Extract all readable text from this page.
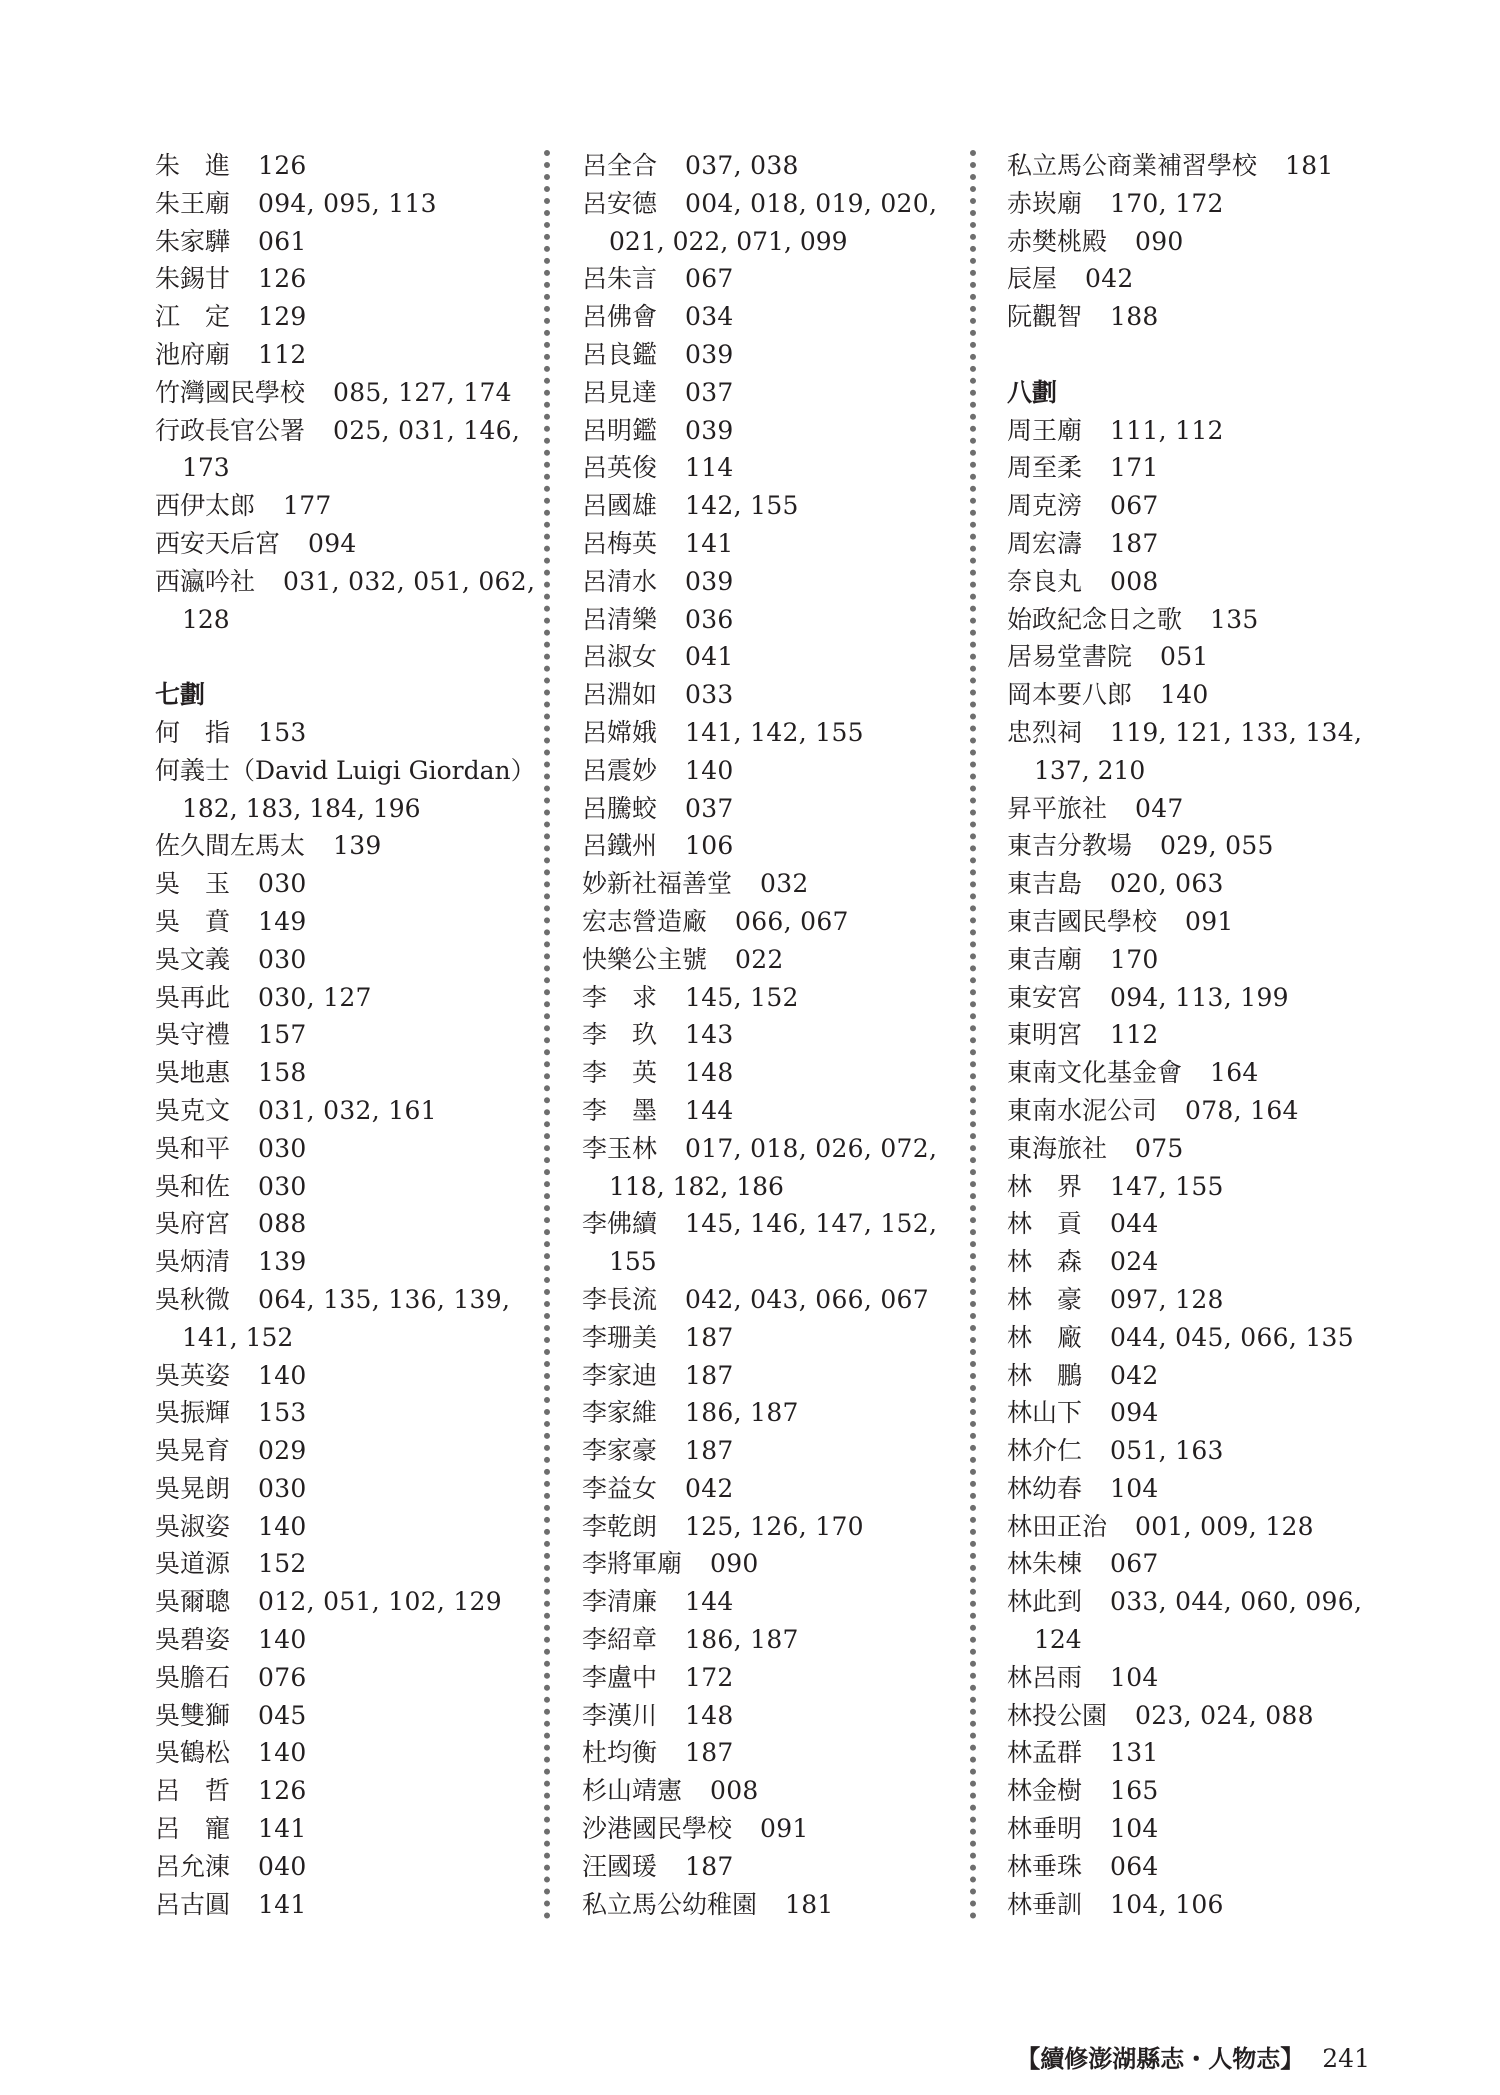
朱　進 126
朱王廟 094, 095, 113
朱家驊 061
朱錫甘 126
江　定 129
池府廟 112
竹灣國民學校 085, 127, 174
行政長官公署 025, 031, 146,
173
西伊太郎 177
西安天后宮 094
西瀛吟社 031, 032, 051, 062,
128
七劃
何　指 153
何義士（David Luigi Giordan）
182, 183, 184, 196
佐久間左馬太 139
吳　玉 030
吳　賁 149
吳文義 030
吳再此 030, 127
吳守禮 157
吳地惠 158
吳克文 031, 032, 161
吳和平 030
吳和佐 030
吳府宮 088
吳炳清 139
吳秋微 064, 135, 136, 139,
141, 152
吳英姿 140
吳振輝 153
吳晃育 029
吳晃朗 030
吳淑姿 140
吳道源 152
吳爾聰 012, 051, 102, 129
吳碧姿 140
吳膽石 076
吳雙獅 045
吳鶴松 140
呂　哲 126
呂　寵 141
呂允涷 040
呂古圓 141
呂全合 037, 038
呂安德 004, 018, 019, 020,
021, 022, 071, 099
呂朱言 067
呂佛會 034
呂良鑑 039
呂見達 037
呂明鑑 039
呂英俊 114
呂國雄 142, 155
呂梅英 141
呂清水 039
呂清樂 036
呂淑女 041
呂淵如 033
呂嫦娥 141, 142, 155
呂震妙 140
呂騰蛟 037
呂鐵州 106
妙新社福善堂 032
宏志營造廠 066, 067
快樂公主號 022
李　求 145, 152
李　玖 143
李　英 148
李　墨 144
李玉林 017, 018, 026, 072,
118, 182, 186
李佛續 145, 146, 147, 152,
155
李長流 042, 043, 066, 067
李珊美 187
李家迪 187
李家維 186, 187
李家豪 187
李益女 042
李乾朗 125, 126, 170
李將軍廟 090
李清廉 144
李紹章 186, 187
李盧中 172
李漢川 148
杜均衡 187
杉山靖憲 008
沙港國民學校 091
汪國瑗 187
私立馬公幼稚園 181
私立馬公商業補習學校 181
赤崁廟 170, 172
赤樊桃殿 090
辰屋 042
阮觀智 188
八劃
周王廟 111, 112
周至柔 171
周克滂 067
周宏濤 187
奈良丸 008
始政紀念日之歌 135
居易堂書院 051
岡本要八郎 140
忠烈祠 119, 121, 133, 134,
137, 210
昇平旅社 047
東吉分教場 029, 055
東吉島 020, 063
東吉國民學校 091
東吉廟 170
東安宮 094, 113, 199
東明宮 112
東南文化基金會 164
東南水泥公司 078, 164
東海旅社 075
林　界 147, 155
林　貢 044
林　森 024
林　豪 097, 128
林　廠 044, 045, 066, 135
林　鵬 042
林山下 094
林介仁 051, 163
林幼春 104
林田正治 001, 009, 128
林朱棟 067
林此到 033, 044, 060, 096,
124
林呂雨 104
林投公園 023, 024, 088
林孟群 131
林金樹 165
林垂明 104
林垂珠 064
林垂訓 104, 106
【續修澎湖縣志・人物志】 241
